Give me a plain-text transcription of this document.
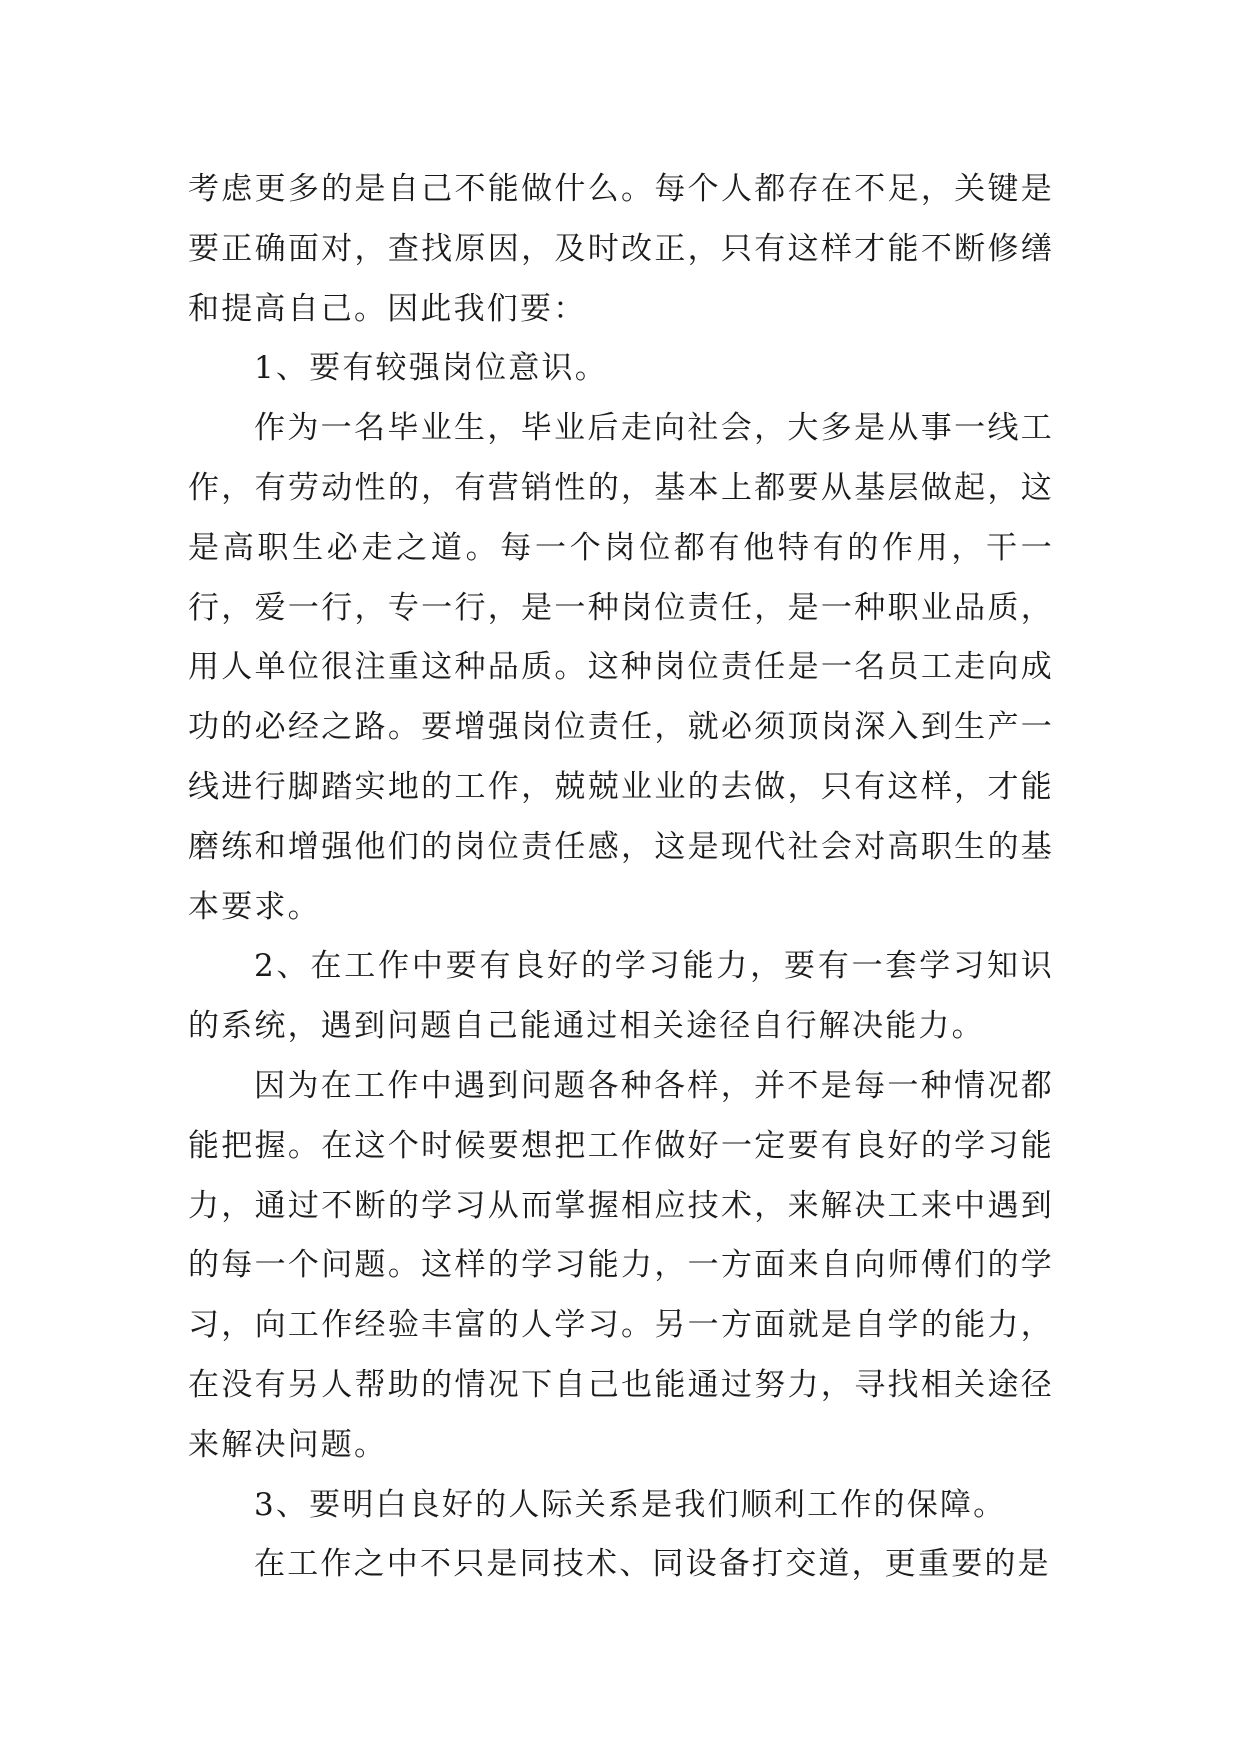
考虑更多的是自己不能做什么。每个人都存在不足，关键是要正确面对，查找原因，及时改正，只有这样才能不断修缮和提高自己。因此我们要：

1、要有较强岗位意识。

作为一名毕业生，毕业后走向社会，大多是从事一线工作，有劳动性的，有营销性的，基本上都要从基层做起，这是高职生必走之道。每一个岗位都有他特有的作用，干一行，爱一行，专一行，是一种岗位责任，是一种职业品质，用人单位很注重这种品质。这种岗位责任是一名员工走向成功的必经之路。要增强岗位责任，就必须顶岗深入到生产一线进行脚踏实地的工作，兢兢业业的去做，只有这样，才能磨练和增强他们的岗位责任感，这是现代社会对高职生的基本要求。

2、在工作中要有良好的学习能力，要有一套学习知识的系统，遇到问题自己能通过相关途径自行解决能力。

因为在工作中遇到问题各种各样，并不是每一种情况都能把握。在这个时候要想把工作做好一定要有良好的学习能力，通过不断的学习从而掌握相应技术，来解决工来中遇到的每一个问题。这样的学习能力，一方面来自向师傅们的学习，向工作经验丰富的人学习。另一方面就是自学的能力，在没有另人帮助的情况下自己也能通过努力，寻找相关途径来解决问题。

3、要明白良好的人际关系是我们顺利工作的保障。

在工作之中不只是同技术、同设备打交道，更重要的是
